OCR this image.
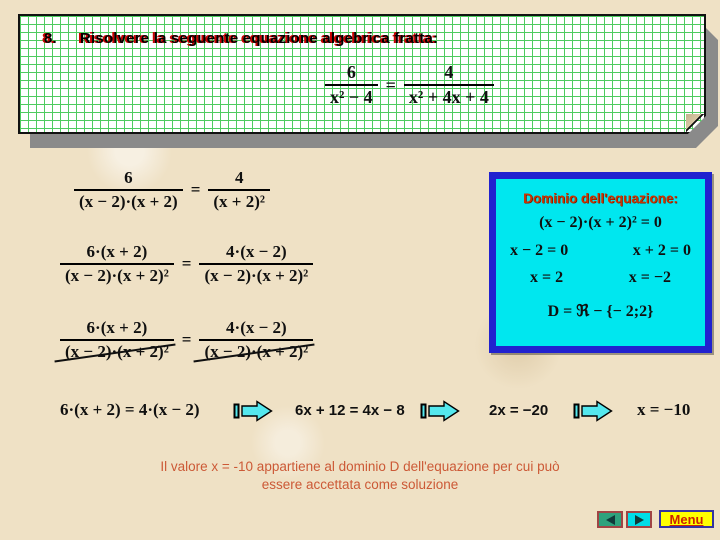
8. Risolvere la seguente equazione algebrica fratta:
$\frac{6}{\text{x² − 4}} = \frac{4}{\text{x² + 4x + 4}}$
$\frac{6}{(x - 2)\cdot(x + 2)} = \frac{4}{\text{(x + 2)²}}$
$\frac{6\cdot(x + 2)}{\text{(x − 2)·(x + 2)²}} = \frac{4\cdot(x - 2)}{\text{(x − 2)·(x + 2)²}}$
$\frac{6\cdot(x + 2)}{\text{(x − 2)·(x + 2)²}} = \frac{4\cdot(x - 2)}{\text{(x − 2)·(x + 2)²}}$
Dominio dell'equazione:
(x − 2)·(x + 2)² = 0
x − 2 = 0	x + 2 = 0
x = 2	x = −2
D = ℜ − {− 2;2}
6·(x + 2) = 4·(x − 2)	6x + 12 = 4x − 8	2x = −20	x = −10
Il valore x = -10 appartiene al dominio D dell'equazione per cui può
essere accettata come soluzione
Menu
